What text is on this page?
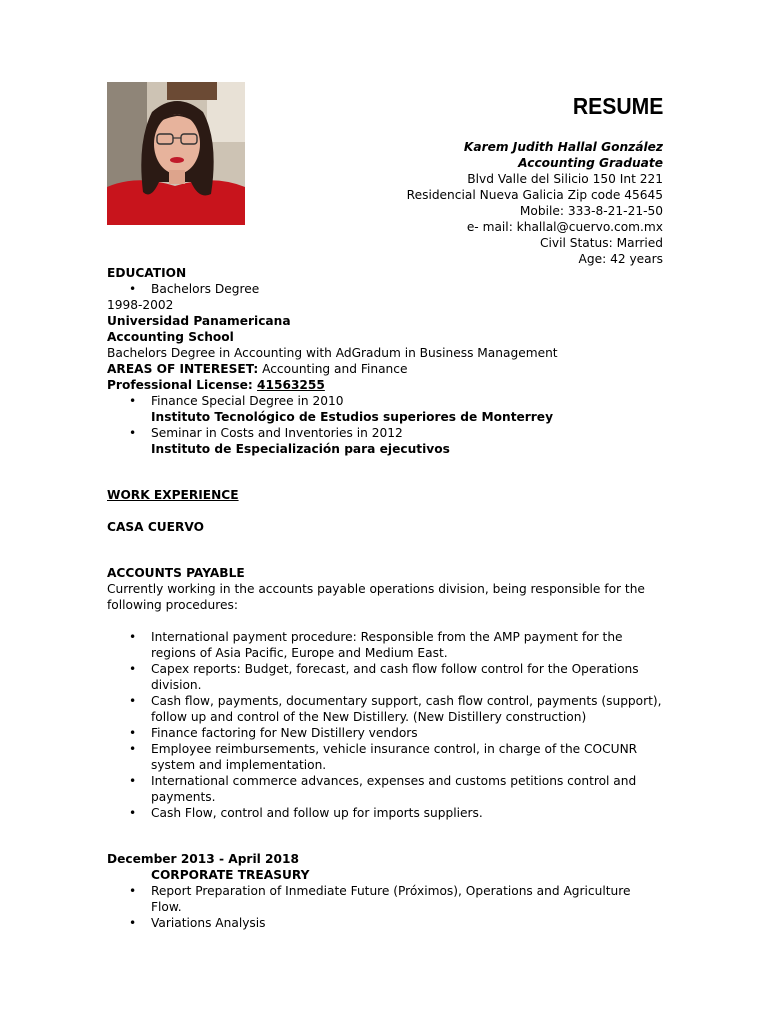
RESUME
Karem Judith Hallal González
Accounting Graduate
Blvd Valle del Silicio 150 Int 221
Residencial Nueva Galicia Zip code 45645
Mobile: 333-8-21-21-50
e- mail: khallal@cuervo.com.mx
Civil Status: Married
Age: 42 years
EDUCATION
• Bachelors Degree
1998-2002
Universidad Panamericana
Accounting School
Bachelors Degree in Accounting with AdGradum in Business Management
AREAS OF INTERESET: Accounting and Finance
Professional License: 41563255
• Finance Special Degree in 2010
Instituto Tecnológico de Estudios superiores de Monterrey
• Seminar in Costs and Inventories in 2012
Instituto de Especialización para ejecutivos
WORK EXPERIENCE
CASA CUERVO
ACCOUNTS PAYABLE
Currently working in the accounts payable operations division, being responsible for the following procedures:
• International payment procedure: Responsible from the AMP payment for the regions of Asia Pacific, Europe and Medium East.
• Capex reports: Budget, forecast, and cash flow follow control for the Operations division.
• Cash flow, payments, documentary support, cash flow control, payments (support), follow up and control of the New Distillery. (New Distillery construction)
• Finance factoring for New Distillery vendors
• Employee reimbursements, vehicle insurance control, in charge of the COCUNR system and implementation.
• International commerce advances, expenses and customs petitions control and payments.
• Cash Flow, control and follow up for imports suppliers.
December 2013 - April 2018
CORPORATE TREASURY
• Report Preparation of Inmediate Future (Próximos), Operations and Agriculture Flow.
• Variations Analysis
